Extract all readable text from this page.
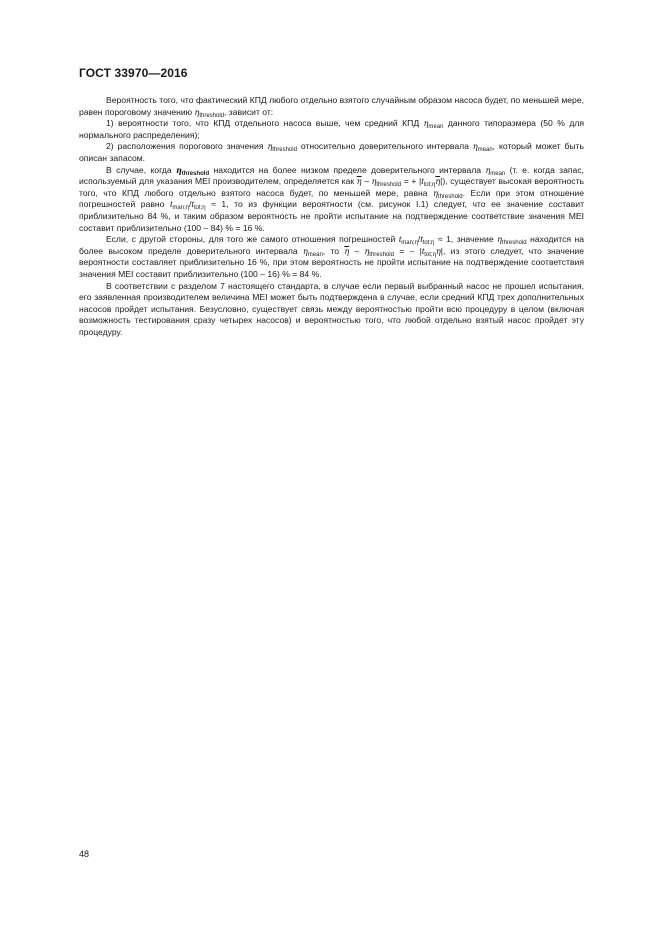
ГОСТ 33970—2016

Вероятность того, что фактический КПД любого отдельно взятого случайным образом насоса будет, по меньшей мере, равен пороговому значению $\eta_{threshold}$, зависит от:

1) вероятности того, что КПД отдельного насоса выше, чем средний КПД $\eta_{mean}$ данного типоразмера (50 % для нормального распределения);

2) расположения порогового значения $\eta_{threshold}$ относительно доверительного интервала $\eta_{mean}$, который может быть описан запасом.

В случае, когда $\eta_{threshold}$ находится на более низком пределе доверительного интервала $\eta_{mean}$ (т. е. когда запас, используемый для указания MEI производителем, определяется как $\overline{\eta} - \eta_{threshold}$ = + $|t_{tot;\eta}\overline{\eta}|$), существует высокая вероятность того, что КПД любого отдельно взятого насоса будет, по меньшей мере, равна $\eta_{threshold}$. Если при этом отношение погрешностей равно $t_{man;\eta}/t_{tot;\eta} \approx 1$, то из функции вероятности (см. рисунок I.1) следует, что ее значение составит приблизительно 84 %, и таким образом вероятность не пройти испытание на подтверждение соответствие значения MEI составит приблизительно (100 – 84) % = 16 %.

Если, с другой стороны, для того же самого отношения погрешностей $t_{man;\eta}/t_{tot;\eta} \approx 1$, значение $\eta_{threshold}$ находится на более высоком пределе доверительного интервала $\eta_{mean}$, то $\overline{\eta} - \eta_{threshold}$ = – $|t_{tot;\eta}\eta|$, из этого следует, что значение вероятности составляет приблизительно 16 %, при этом вероятность не пройти испытание на подтверждение соответствия значения MEI составит приблизительно (100 – 16) % = 84 %.

В соответствии с разделом 7 настоящего стандарта, в случае если первый выбранный насос не прошел испытания, его заявленная производителем величина MEI может быть подтверждена в случае, если средний КПД трех дополнительных насосов пройдет испытания. Безусловно, существует связь между вероятностью пройти всю процедуру в целом (включая возможность тестирования сразу четырех насосов) и вероятностью того, что любой отдельно взятый насос пройдет эту процедуру.

48
